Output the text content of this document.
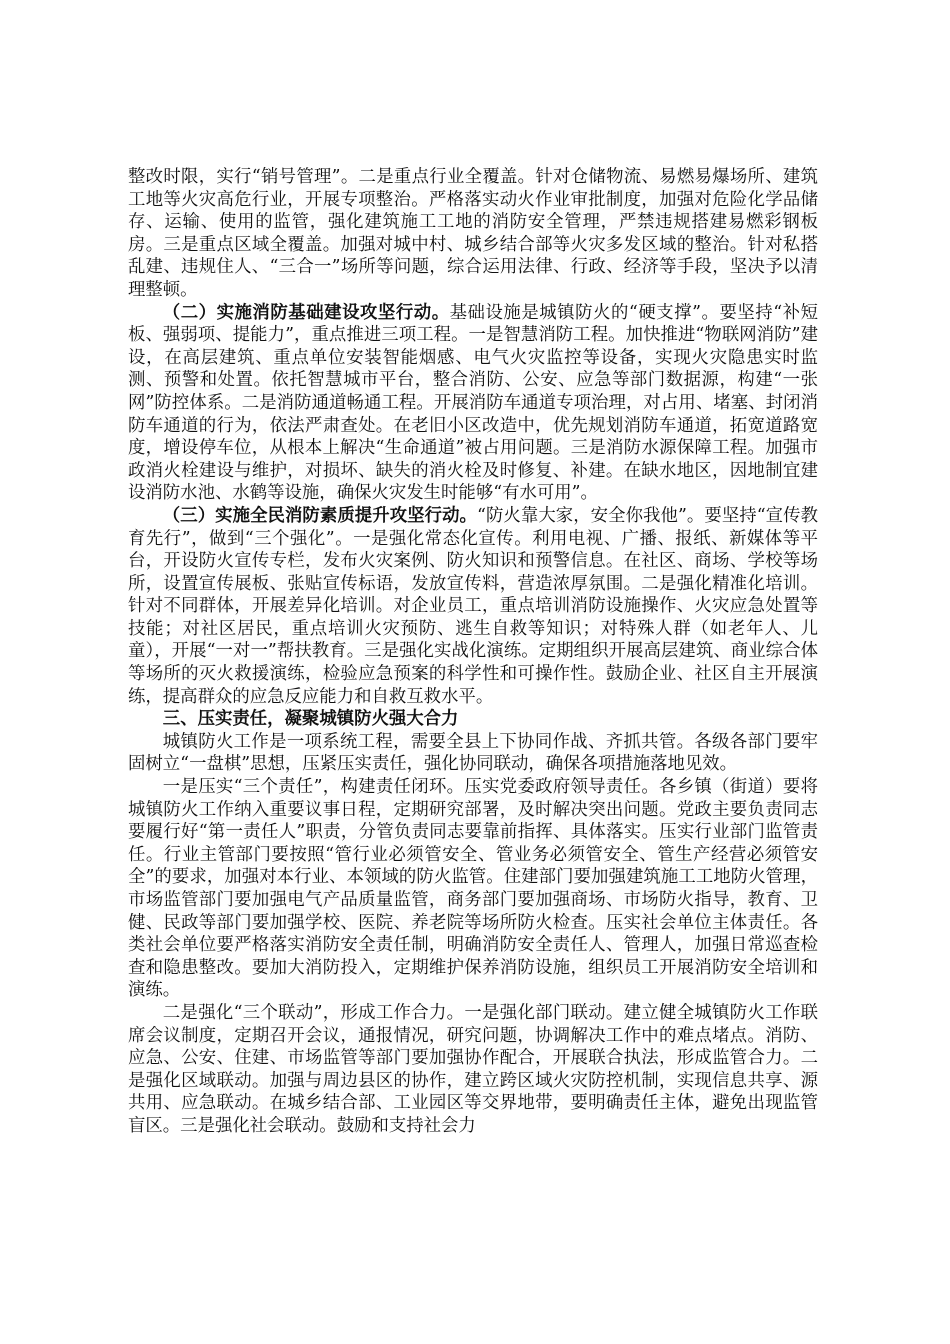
整改时限，实行“销号管理”。二是重点行业全覆盖。针对仓储物流、易燃易爆场所、建筑工地等火灾高危行业，开展专项整治。严格落实动火作业审批制度，加强对危险化学品储存、运输、使用的监管，强化建筑施工工地的消防安全管理，严禁违规搭建易燃彩钢板房。三是重点区域全覆盖。加强对城中村、城乡结合部等火灾多发区域的整治。针对私搭乱建、违规住人、“三合一”场所等问题，综合运用法律、行政、经济等手段，坚决予以清理整顿。

（二）实施消防基础建设攻坚行动。基础设施是城镇防火的“硬支撑”。要坚持“补短板、强弱项、提能力”，重点推进三项工程。一是智慧消防工程。加快推进“物联网消防”建设，在高层建筑、重点单位安装智能烟感、电气火灾监控等设备，实现火灾隐患实时监测、预警和处置。依托智慧城市平台，整合消防、公安、应急等部门数据源，构建“一张网”防控体系。二是消防通道畅通工程。开展消防车通道专项治理，对占用、堵塞、封闭消防车通道的行为，依法严肃查处。在老旧小区改造中，优先规划消防车通道，拓宽道路宽度，增设停车位，从根本上解决“生命通道”被占用问题。三是消防水源保障工程。加强市政消火栓建设与维护，对损坏、缺失的消火栓及时修复、补建。在缺水地区，因地制宜建设消防水池、水鹤等设施，确保火灾发生时能够“有水可用”。

（三）实施全民消防素质提升攻坚行动。“防火靠大家，安全你我他”。要坚持“宣传教育先行”，做到“三个强化”。一是强化常态化宣传。利用电视、广播、报纸、新媒体等平台，开设防火宣传专栏，发布火灾案例、防火知识和预警信息。在社区、商场、学校等场所，设置宣传展板、张贴宣传标语，发放宣传料，营造浓厚氛围。二是强化精准化培训。针对不同群体，开展差异化培训。对企业员工，重点培训消防设施操作、火灾应急处置等技能；对社区居民，重点培训火灾预防、逃生自救等知识；对特殊人群（如老年人、儿童），开展“一对一”帮扶教育。三是强化实战化演练。定期组织开展高层建筑、商业综合体等场所的灭火救援演练，检验应急预案的科学性和可操作性。鼓励企业、社区自主开展演练，提高群众的应急反应能力和自救互救水平。

三、压实责任，凝聚城镇防火强大合力

城镇防火工作是一项系统工程，需要全县上下协同作战、齐抓共管。各级各部门要牢固树立“一盘棋”思想，压紧压实责任，强化协同联动，确保各项措施落地见效。

一是压实“三个责任”，构建责任闭环。压实党委政府领导责任。各乡镇（街道）要将城镇防火工作纳入重要议事日程，定期研究部署，及时解决突出问题。党政主要负责同志要履行好“第一责任人”职责，分管负责同志要靠前指挥、具体落实。压实行业部门监管责任。行业主管部门要按照“管行业必须管安全、管业务必须管安全、管生产经营必须管安全”的要求，加强对本行业、本领域的防火监管。住建部门要加强建筑施工工地防火管理，市场监管部门要加强电气产品质量监管，商务部门要加强商场、市场防火指导，教育、卫健、民政等部门要加强学校、医院、养老院等场所防火检查。压实社会单位主体责任。各类社会单位要严格落实消防安全责任制，明确消防安全责任人、管理人，加强日常巡查检查和隐患整改。要加大消防投入，定期维护保养消防设施，组织员工开展消防安全培训和演练。

二是强化“三个联动”，形成工作合力。一是强化部门联动。建立健全城镇防火工作联席会议制度，定期召开会议，通报情况，研究问题，协调解决工作中的难点堵点。消防、应急、公安、住建、市场监管等部门要加强协作配合，开展联合执法，形成监管合力。二是强化区域联动。加强与周边县区的协作，建立跨区域火灾防控机制，实现信息共享、源共用、应急联动。在城乡结合部、工业园区等交界地带，要明确责任主体，避免出现监管盲区。三是强化社会联动。鼓励和支持社会力
